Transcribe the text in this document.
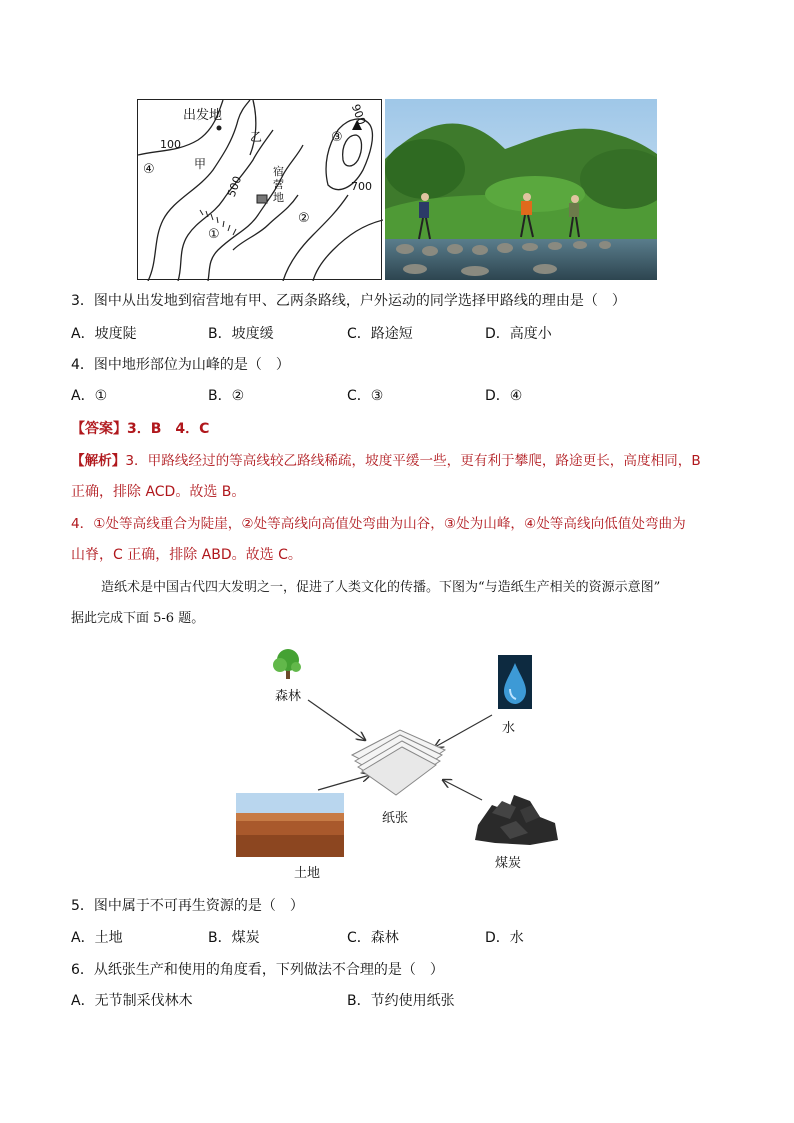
出发地
100
甲
乙
500
900
700
宿
营
地
①
②
③
④
3．图中从出发地到宿营地有甲、乙两条路线，户外运动的同学选择甲路线的理由是（　）
A．坡度陡	B．坡度缓	C．路途短	D．高度小
4．图中地形部位为山峰的是（　）
A．①	B．②	C．③	D．④
【答案】3．B　4．C
【解析】3．甲路线经过的等高线较乙路线稀疏，坡度平缓一些，更有利于攀爬，路途更长，高度相同，B
正确，排除 ACD。故选 B。
4．①处等高线重合为陡崖，②处等高线向高值处弯曲为山谷，③处为山峰，④处等高线向低值处弯曲为
山脊，C 正确，排除 ABD。故选 C。
造纸术是中国古代四大发明之一，促进了人类文化的传播。下图为“与造纸生产相关的资源示意图”
据此完成下面 5-6 题。
森林
水
纸张
土地
煤炭
5．图中属于不可再生资源的是（　）
A．土地	B．煤炭	C．森林	D．水
6．从纸张生产和使用的角度看，下列做法不合理的是（　）
A．无节制采伐林木	B．节约使用纸张
